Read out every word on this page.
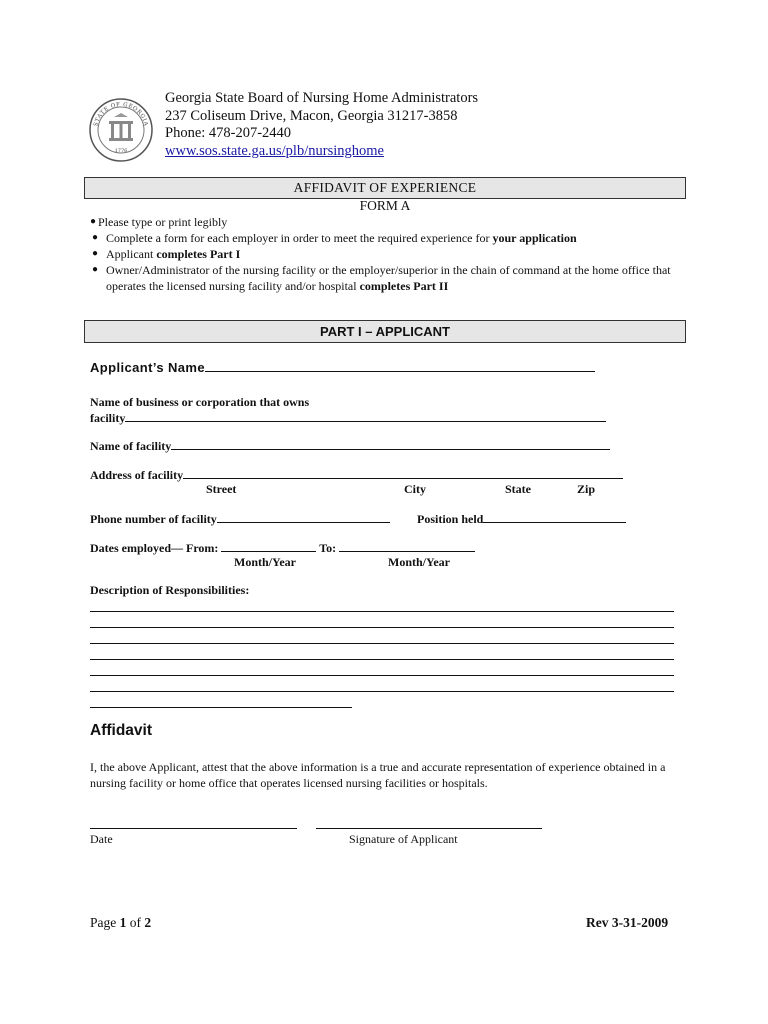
1776
STATE OF GEORGIA
Georgia State Board of Nursing Home Administrators
237 Coliseum Drive, Macon, Georgia 31217-3858
Phone: 478-207-2440
www.sos.state.ga.us/plb/nursinghome
AFFIDAVIT OF EXPERIENCE
FORM A
● Please type or print legibly
● Complete a form for each employer in order to meet the required experience for your application
● Applicant completes Part I
● Owner/Administrator of the nursing facility or the employer/superior in the chain of command at the home office that operates the licensed nursing facility and/or hospital completes Part II
PART I – APPLICANT
Applicant’s Name
Name of business or corporation that owns
facility
Name of facility
Address of facility
Street	City	State	Zip
Phone number of facility	Position held
Dates employed— From:	To:
Month/Year	Month/Year
Description of Responsibilities:
Affidavit
I, the above Applicant, attest that the above information is a true and accurate representation of experience obtained in a nursing facility or home office that operates licensed nursing facilities or hospitals.
Date	Signature of Applicant
Page 1 of 2	Rev 3-31-2009
